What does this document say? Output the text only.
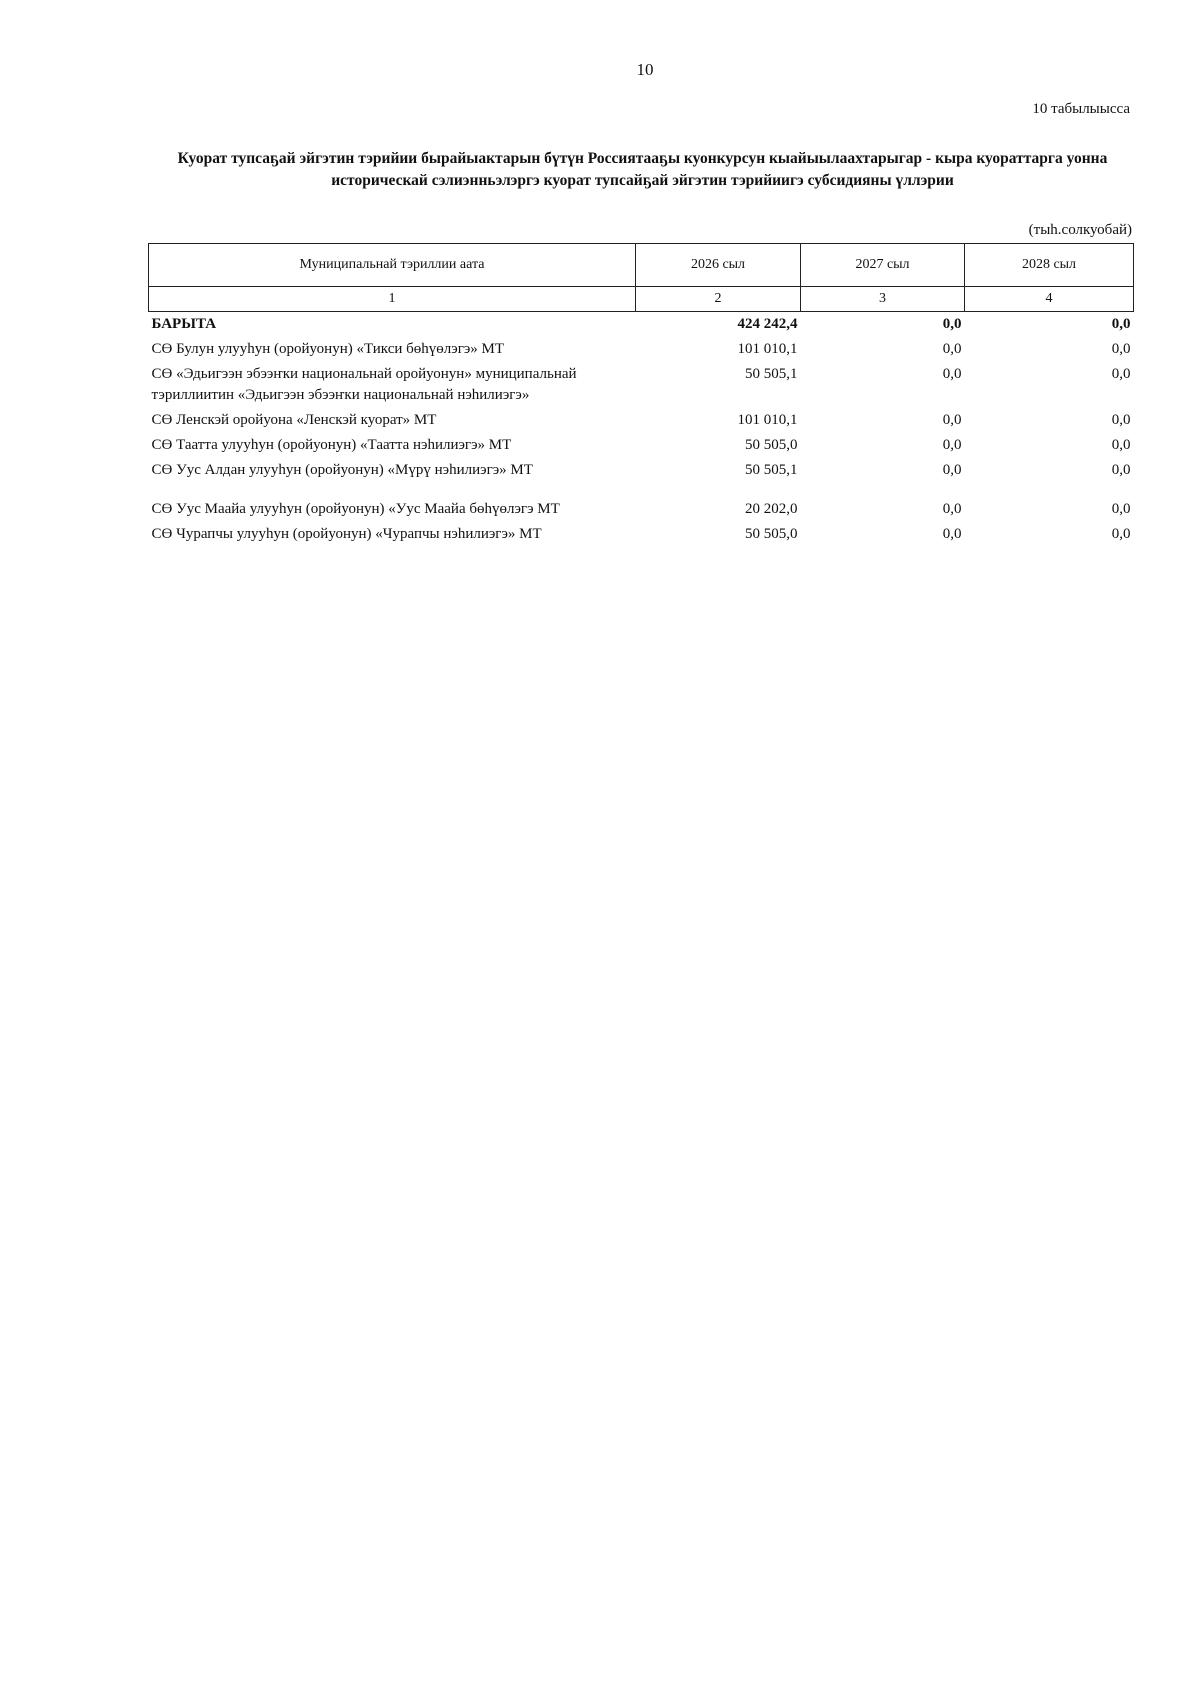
10
10 табылыысса
Куорат тупсаҕай эйгэтин тэрийии бырайыактарын бүтүн Россиятааҕы куонкурсун кыайыылаахтарыгар - кыра куораттарга уонна историческай сэлиэнньэлэргэ куорат тупсайҕай эйгэтин тэрийиигэ субсидияны үллэрии
(тыһ.солкуобай)
Муниципальнай тэриллии аата	2026 сыл	2027 сыл	2028 сыл
1	2	3	4
БАРЫТА	424 242,4	0,0	0,0
СӨ Булун улууһун (оройуонун) «Тикси бөһүөлэгэ» МТ	101 010,1	0,0	0,0
СӨ «Эдьигээн эбээҥки национальнай оройуонун» муниципальнай тэриллиитин «Эдьигээн эбээҥки национальнай нэһилиэгэ»	50 505,1	0,0	0,0
СӨ Ленскэй оройуона «Ленскэй куорат» МТ	101 010,1	0,0	0,0
СӨ Таатта улууһун (оройуонун) «Таатта нэһилиэгэ» МТ	50 505,0	0,0	0,0
СӨ Уус Алдан улууһун (оройуонун) «Мүрү нэһилиэгэ» МТ	50 505,1	0,0	0,0
СӨ Уус Маайа улууһун (оройуонун) «Уус Маайа бөһүөлэгэ МТ	20 202,0	0,0	0,0
СӨ Чурапчы улууһун (оройуонун) «Чурапчы нэһилиэгэ» МТ	50 505,0	0,0	0,0
